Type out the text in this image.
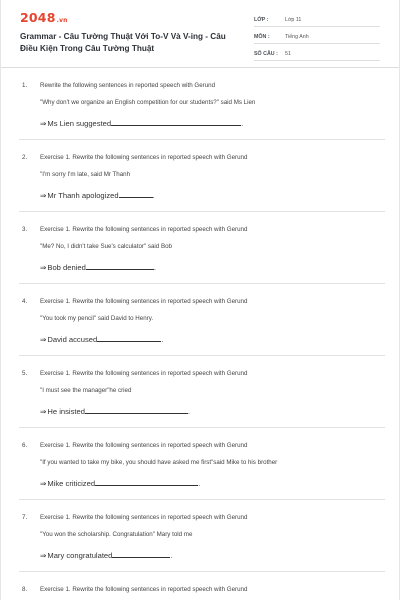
2048.vn
Grammar - Câu Tường Thuật Với To-V Và V-ing - Câu Điều Kiện Trong Câu Tường Thuật
LỚP :	Lớp 11
MÔN :	Tiếng Anh
SỐ CÂU : 51
1. Rewrite the following sentences in reported speech with Gerund
"Why don't we organize an English competition for our students?" said Ms Lien
⇒Ms Lien suggested	.
2. Exercise 1. Rewrite the following sentences in reported speech with Gerund
"I'm sorry I'm late, said Mr Thanh
⇒Mr Thanh apologized	.
3. Exercise 1. Rewrite the following sentences in reported speech with Gerund
"Me? No, I didn't take Sue's calculator" said Bob
⇒Bob denied	.
4. Exercise 1. Rewrite the following sentences in reported speech with Gerund
"You took my pencil" said David to Henry.
⇒David accused	.
5. Exercise 1. Rewrite the following sentences in reported speech with Gerund
"I must see the manager"he cried
⇒He insisted	.
6. Exercise 1. Rewrite the following sentences in reported speech with Gerund
"If you wanted to take my bike, you should have asked me first"said Mike to his brother
⇒Mike criticized	.
7. Exercise 1. Rewrite the following sentences in reported speech with Gerund
"You won the scholarship. Congratulation" Mary told me
⇒Mary congratulated	.
8. Exercise 1. Rewrite the following sentences in reported speech with Gerund
